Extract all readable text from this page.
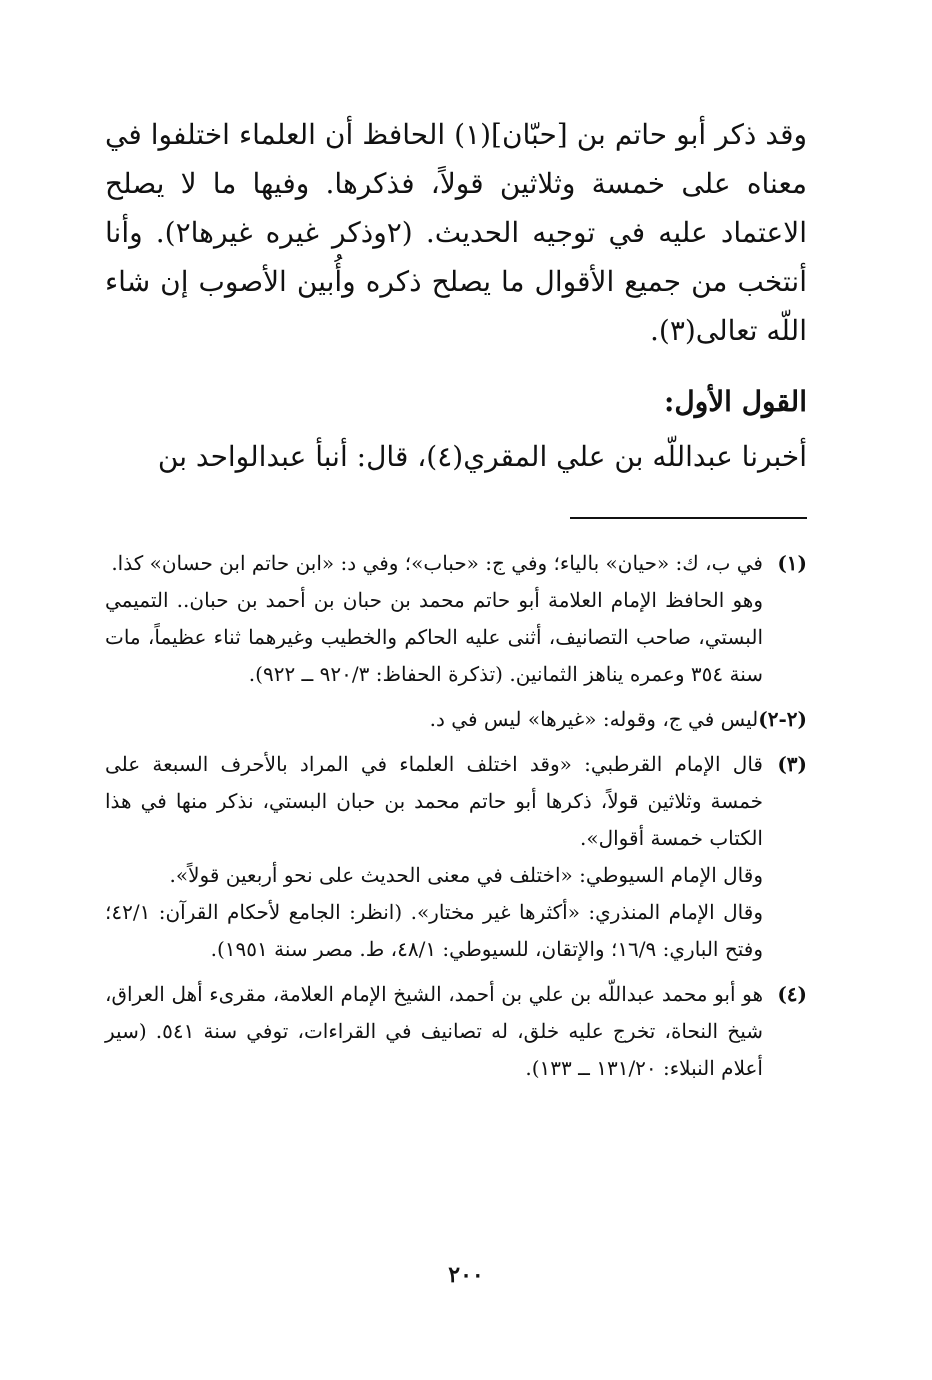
وقد ذكر أبو حاتم بن [حبّان](١) الحافظ أن العلماء اختلفوا في معناه على خمسة وثلاثين قولاً، فذكرها. وفيها ما لا يصلح الاعتماد عليه في توجيه الحديث. (٢وذكر غيره غيرها٢). وأنا أنتخب من جميع الأقوال ما يصلح ذكره وأُبين الأصوب إن شاء اللّه تعالى(٣).

القول الأول:

أخبرنا عبداللّه بن علي المقري(٤)، قال: أنبأ عبدالواحد بن

(١)

في ب، ك: «حيان» بالياء؛ وفي ج: «حباب»؛ وفي د: «ابن حاتم ابن حسان» كذا.

وهو الحافظ الإمام العلامة أبو حاتم محمد بن حبان بن أحمد بن حبان.. التميمي البستي، صاحب التصانيف، أثنى عليه الحاكم والخطيب وغيرهما ثناء عظيماً، مات سنة ٣٥٤ وعمره يناهز الثمانين. (تذكرة الحفاظ: ٩٢٠/٣ ــ ٩٢٢).

(٢-٢)

ليس في ج، وقوله: «غيرها» ليس في د.

(٣)

قال الإمام القرطبي: «وقد اختلف العلماء في المراد بالأحرف السبعة على خمسة وثلاثين قولاً، ذكرها أبو حاتم محمد بن حبان البستي، نذكر منها في هذا الكتاب خمسة أقوال».

وقال الإمام السيوطي: «اختلف في معنى الحديث على نحو أربعين قولاً».

وقال الإمام المنذري: «أكثرها غير مختار». (انظر: الجامع لأحكام القرآن: ٤٢/١؛ وفتح الباري: ١٦/٩؛ والإتقان، للسيوطي: ٤٨/١، ط. مصر سنة ١٩٥١).

(٤)

هو أبو محمد عبداللّه بن علي بن أحمد، الشيخ الإمام العلامة، مقرىء أهل العراق، شيخ النحاة، تخرج عليه خلق، له تصانيف في القراءات، توفي سنة ٥٤١. (سير أعلام النبلاء: ١٣١/٢٠ ــ ١٣٣).

٢٠٠
